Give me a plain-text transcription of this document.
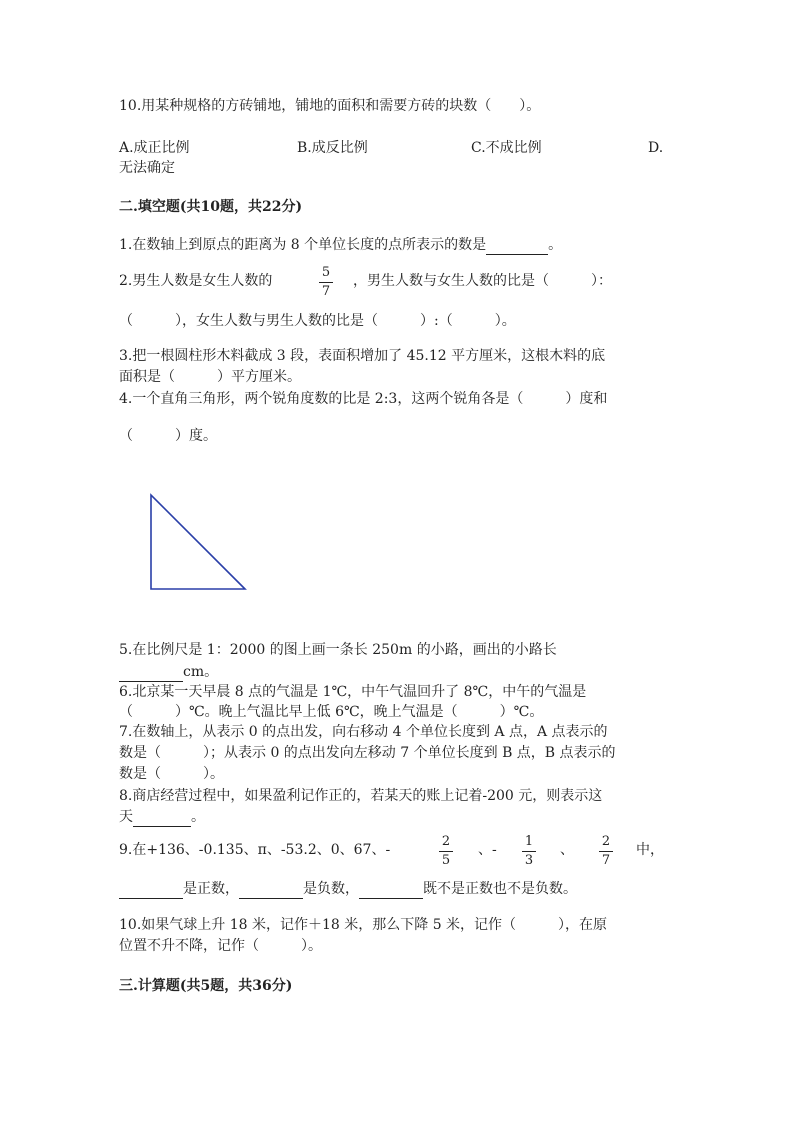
10.用某种规格的方砖铺地，铺地的面积和需要方砖的块数（　　）。
A.成正比例	B.成反比例	C.不成比例	D.
无法确定
二.填空题(共10题，共22分)
1.在数轴上到原点的距离为 8 个单位长度的点所表示的数是	。
2.男生人数是女生人数的
5
7
，男生人数与女生人数的比是（　　　）：
（　　　），女生人数与男生人数的比是（　　　）:（　　　）。
3.把一根圆柱形木料截成 3 段，表面积增加了 45.12 平方厘米，这根木料的底
面积是（　　　）平方厘米。
4.一个直角三角形，两个锐角度数的比是 2:3，这两个锐角各是（　　　）度和
（　　　）度。
5.在比例尺是 1：2000 的图上画一条长 250m 的小路，画出的小路长
cm。
6.北京某一天早晨 8 点的气温是 1℃，中午气温回升了 8℃，中午的气温是
（　　　）℃。晚上气温比早上低 6℃，晚上气温是（　　　）℃。
7.在数轴上，从表示 0 的点出发，向右移动 4 个单位长度到 A 点，A 点表示的
数是（　　　）；从表示 0 的点出发向左移动 7 个单位长度到 B 点，B 点表示的
数是（　　　）。
8.商店经营过程中，如果盈利记作正的，若某天的账上记着-200 元，则表示这
天	。
9.在+136、-0.135、π、-53.2、0、67、-
2
5
、-
1
3
、
2
7
中，
是正数，	是负数，	既不是正数也不是负数。
10.如果气球上升 18 米，记作＋18 米，那么下降 5 米，记作（　　　），在原
位置不升不降，记作（　　　）。
三.计算题(共5题，共36分)
